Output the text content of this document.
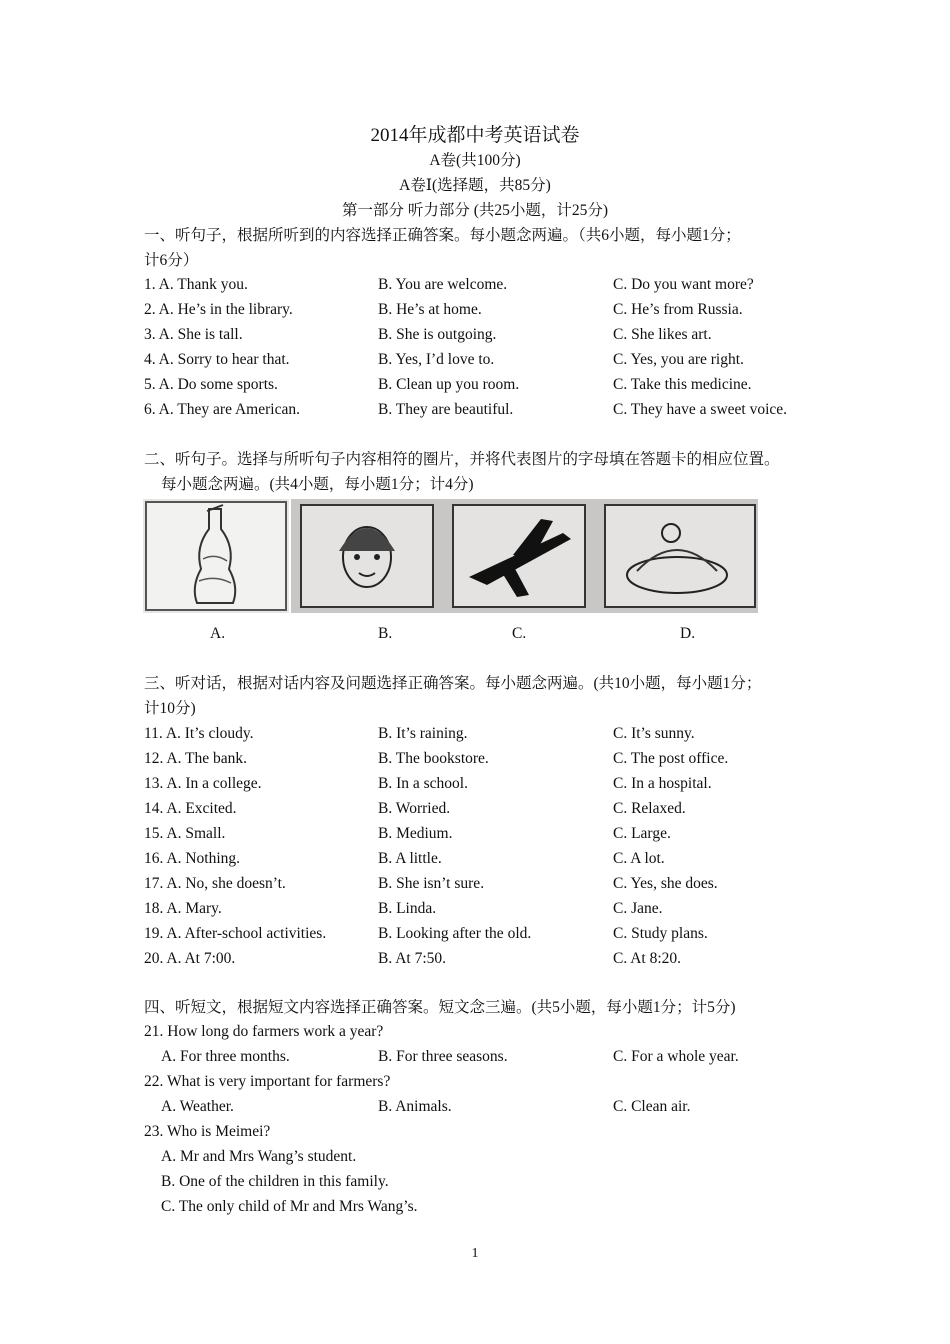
2014年成都中考英语试卷
A卷(共100分)
A卷Ⅰ(选择题，共85分)
第一部分 听力部分 (共25小题，计25分)
一、听句子，根据所听到的内容选择正确答案。每小题念两遍。（共6小题，每小题1分；
计6分）
1. A. Thank you.	B. You are welcome.	C. Do you want more?
2. A. He’s in the library.	B. He’s at home.	C. He’s from Russia.
3. A. She is tall.	B. She is outgoing.	C. She likes art.
4. A. Sorry to hear that.	B. Yes, I’d love to.	C. Yes, you are right.
5. A. Do some sports.	B. Clean up you room.	C. Take this medicine.
6. A. They are American.	B. They are beautiful.	C. They have a sweet voice.
二、听句子。选择与所听句子内容相符的圈片，并将代表图片的字母填在答题卡的相应位置。
每小题念两遍。(共4小题，每小题1分；计4分)
A.	B.	C.	D.
三、听对话，根据对话内容及问题选择正确答案。每小题念两遍。(共10小题，每小题1分；
计10分)
11. A. It’s cloudy.	B. It’s raining.	C. It’s sunny.
12. A. The bank.	B. The bookstore.	C. The post office.
13. A. In a college.	B. In a school.	C. In a hospital.
14. A. Excited.	B. Worried.	C. Relaxed.
15. A. Small.	B. Medium.	C. Large.
16. A. Nothing.	B. A little.	C. A lot.
17. A. No, she doesn’t.	B. She isn’t sure.	C. Yes, she does.
18. A. Mary.	B. Linda.	C. Jane.
19. A. After-school activities.	B. Looking after the old.	C. Study plans.
20. A. At 7:00.	B. At 7:50.	C. At 8:20.
四、听短文，根据短文内容选择正确答案。短文念三遍。(共5小题，每小题1分；计5分)
21. How long do farmers work a year?
A. For three months.	B. For three seasons.	C. For a whole year.
22. What is very important for farmers?
A. Weather.	B. Animals.	C. Clean air.
23. Who is Meimei?
A. Mr and Mrs Wang’s student.
B. One of the children in this family.
C. The only child of Mr and Mrs Wang’s.
1
